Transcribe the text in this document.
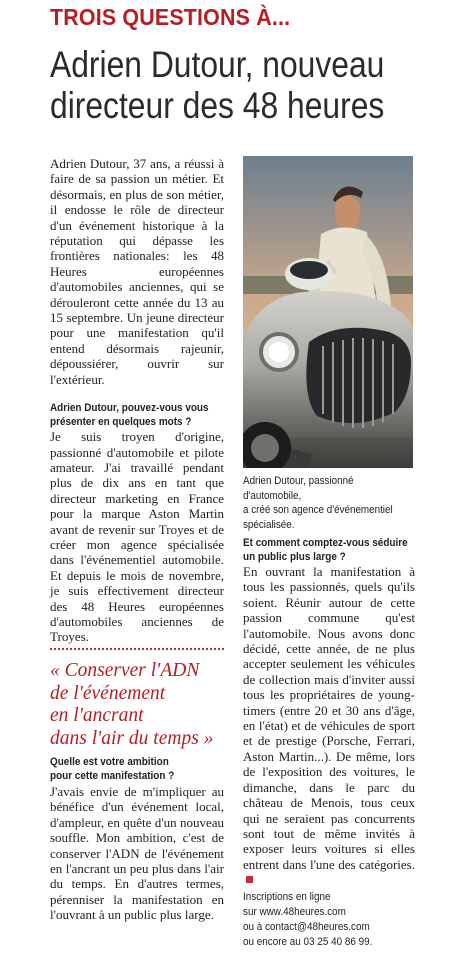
TROIS QUESTIONS À...
Adrien Dutour, nouveau
directeur des 48 heures

Adrien Dutour, 37 ans, a réussi à faire de sa passion un métier. Et désormais, en plus de son métier, il endosse le rôle de directeur d'un événement historique à la réputation qui dépasse les frontières nationales: les 48 Heures européennes d'automobiles anciennes, qui se dérouleront cette année du 13 au 15 septembre. Un jeune directeur pour une manifestation qu'il entend désormais rajeunir, dépoussiérer, ouvrir sur l'extérieur.

Adrien Dutour, pouvez-vous vous
présenter en quelques mots ?

Je suis troyen d'origine, passionné d'automobile et pilote amateur. J'ai travaillé pendant plus de dix ans en tant que directeur marketing en France pour la marque Aston Martin avant de revenir sur Troyes et de créer mon agence spécialisée dans l'événementiel automobile. Et depuis le mois de novembre, je suis effectivement directeur des 48 Heures européennes d'automobiles anciennes de Troyes.

« Conserver l'ADN
de l'événement
en l'ancrant
dans l'air du temps »
Quelle est votre ambition
pour cette manifestation ?

J'avais envie de m'impliquer au bénéfice d'un événement local, d'ampleur, en quête d'un nouveau souffle. Mon ambition, c'est de conserver l'ADN de l'événement en l'ancrant un peu plus dans l'air du temps. En d'autres termes, pérenniser la manifestation en l'ouvrant à un public plus large.

Adrien Dutour, passionné d'automobile,
a créé son agence d'événementiel
spécialisée.
Et comment comptez-vous séduire
un public plus large ?

En ouvrant la manifestation à tous les passionnés, quels qu'ils soient. Réunir autour de cette passion commune qu'est l'automobile. Nous avons donc décidé, cette année, de ne plus accepter seulement les véhicules de collection mais d'inviter aussi tous les propriétaires de young-timers (entre 20 et 30 ans d'âge, en l'état) et de véhicules de sport et de prestige (Porsche, Ferrari, Aston Martin...). De même, lors de l'exposition des voitures, le dimanche, dans le parc du château de Menois, tous ceux qui ne seraient pas concurrents sont tout de même invités à exposer leurs voitures si elles entrent dans l'une des catégories.

Inscriptions en ligne
sur www.48heures.com
ou à contact@48heures.com
ou encore au 03 25 40 86 99.
